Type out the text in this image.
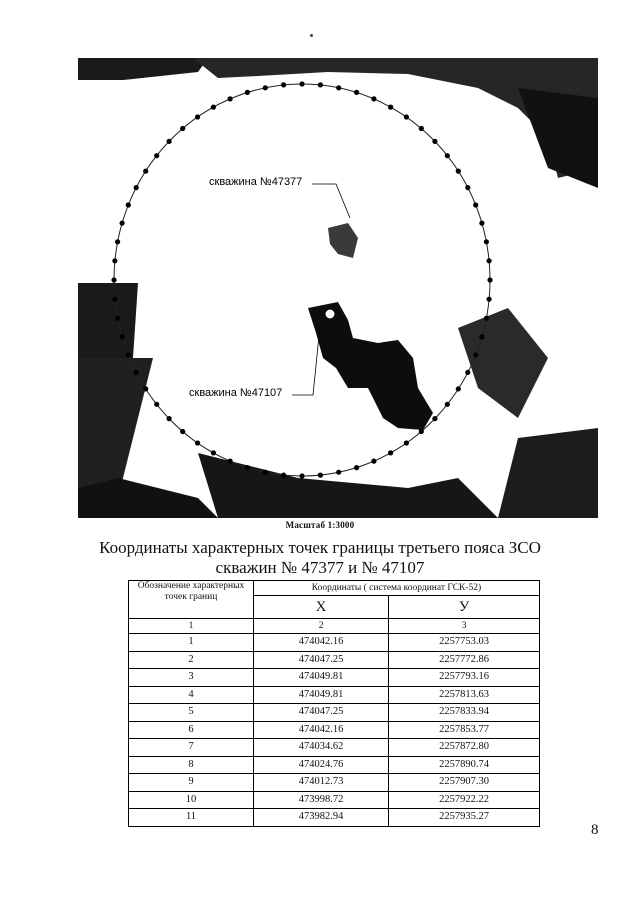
скважина №47377
скважина №47107
13 R
Масштаб 1:3000
Координаты характерных точек границы третьего пояса ЗСО
скважин № 47377 и № 47107
Обозначение характерных точек границ	Координаты ( система координат ГСК-52)	
	X	У
1	2	3
1	474042.16	2257753.03
2	474047.25	2257772.86
3	474049.81	2257793.16
4	474049.81	2257813.63
5	474047.25	2257833.94
6	474042.16	2257853.77
7	474034.62	2257872.80
8	474024.76	2257890.74
9	474012.73	2257907.30
10	473998.72	2257922.22
11	473982.94	2257935.27
8
